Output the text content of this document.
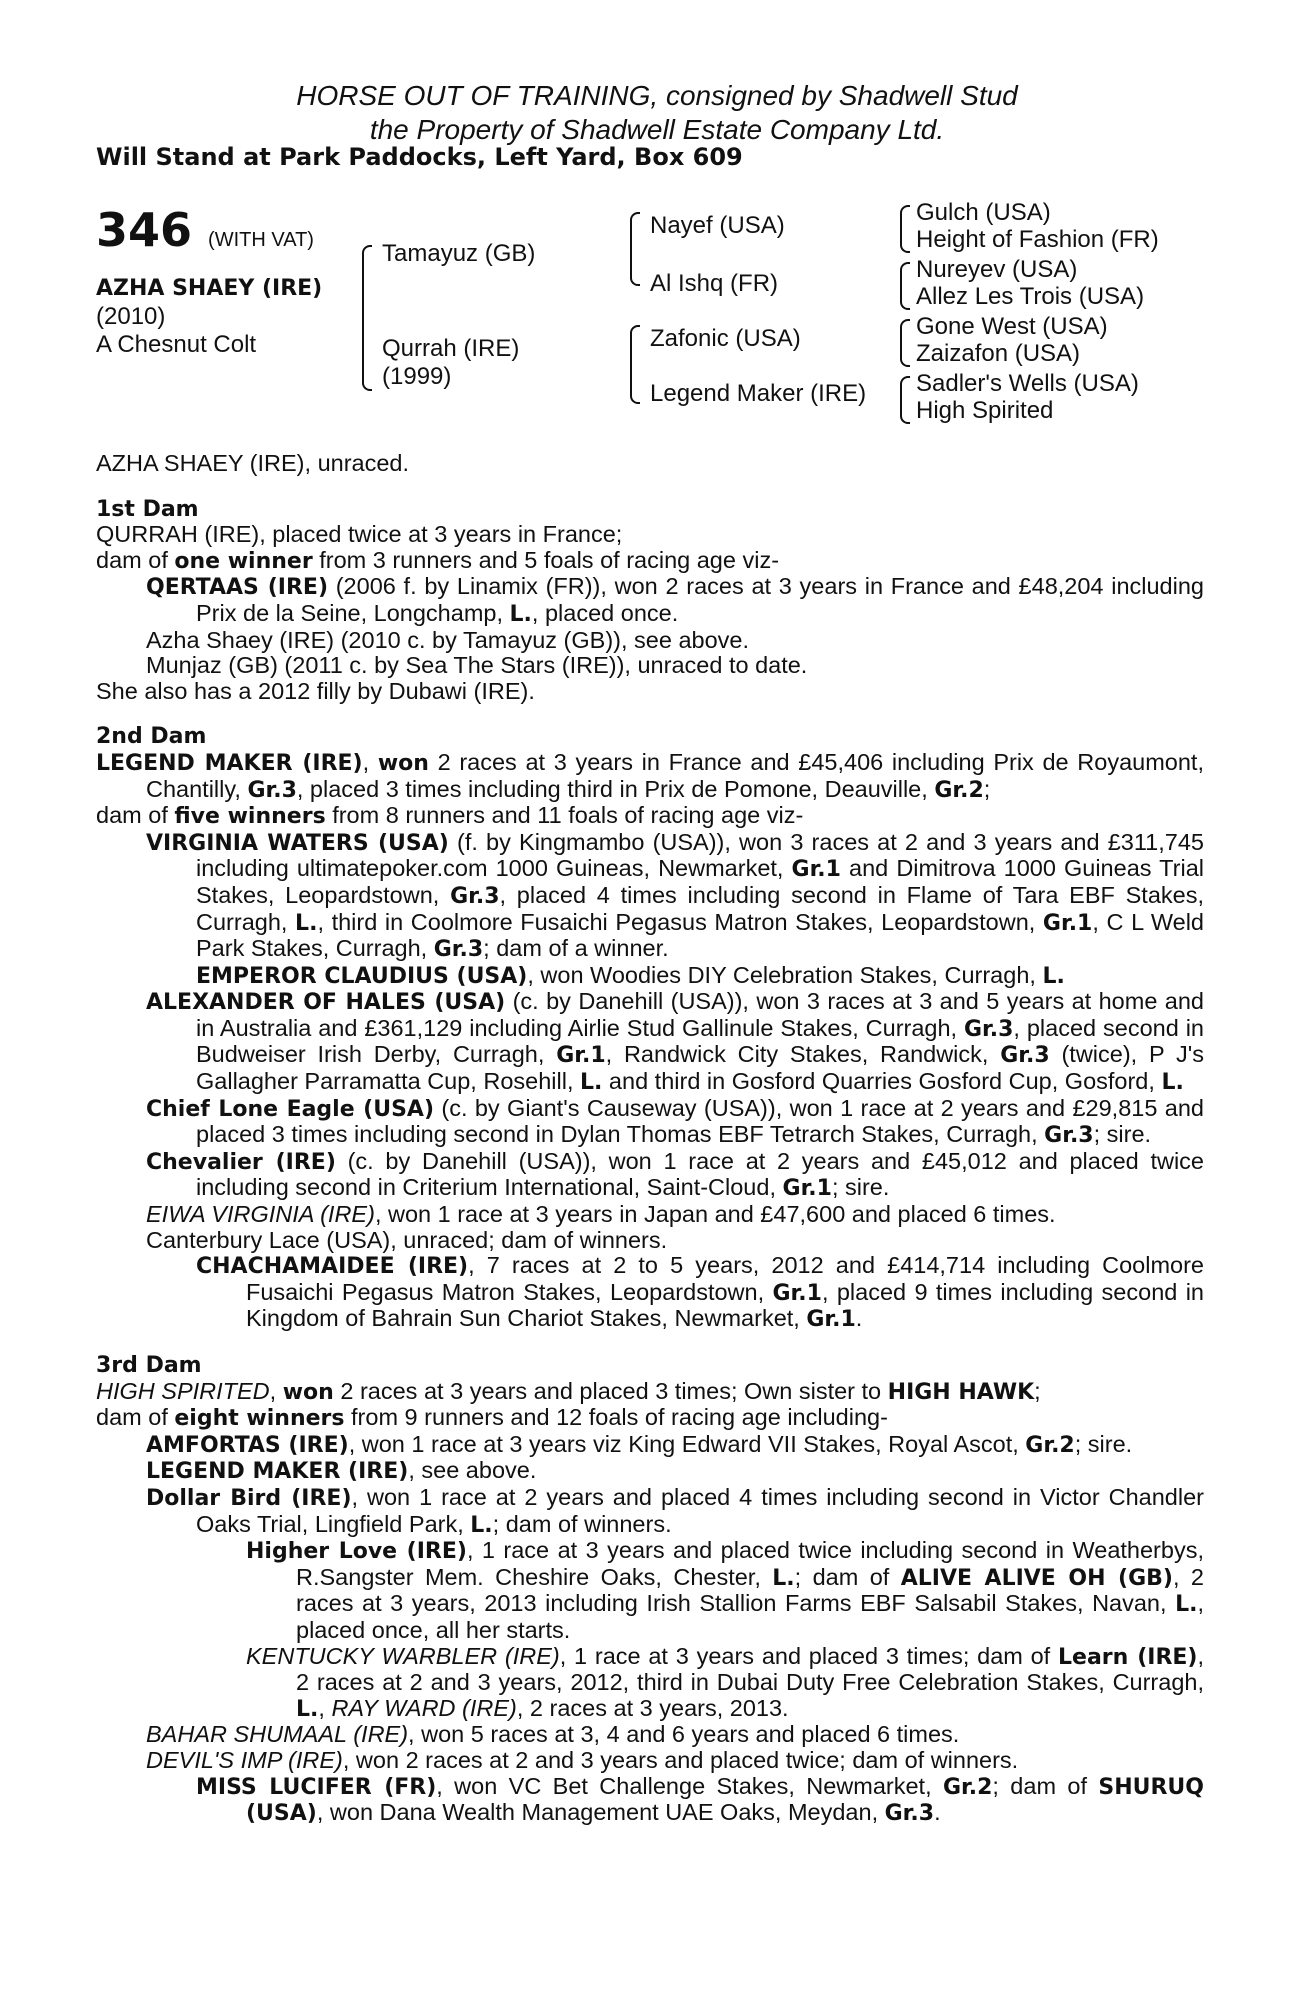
HORSE OUT OF TRAINING, consigned by Shadwell Stud
the Property of Shadwell Estate Company Ltd.
Will Stand at Park Paddocks, Left Yard, Box 609
346 (WITH VAT)
AZHA SHAEY (IRE)
(2010)
A Chesnut Colt
Tamayuz (GB)
Qurrah (IRE)
(1999)
Nayef (USA)
Al Ishq (FR)
Zafonic (USA)
Legend Maker (IRE)
Gulch (USA)
Height of Fashion (FR)
Nureyev (USA)
Allez Les Trois (USA)
Gone West (USA)
Zaizafon (USA)
Sadler's Wells (USA)
High Spirited

AZHA SHAEY (IRE), unraced.

1st Dam

QURRAH (IRE), placed twice at 3 years in France;

dam of one winner from 3 runners and 5 foals of racing age viz-

QERTAAS (IRE) (2006 f. by Linamix (FR)), won 2 races at 3 years in France and £48,204 including Prix de la Seine, Longchamp, L., placed once.

Azha Shaey (IRE) (2010 c. by Tamayuz (GB)), see above.

Munjaz (GB) (2011 c. by Sea The Stars (IRE)), unraced to date.

She also has a 2012 filly by Dubawi (IRE).

2nd Dam

LEGEND MAKER (IRE), won 2 races at 3 years in France and £45,406 including Prix de Royaumont, Chantilly, Gr.3, placed 3 times including third in Prix de Pomone, Deauville, Gr.2;

dam of five winners from 8 runners and 11 foals of racing age viz-

VIRGINIA WATERS (USA) (f. by Kingmambo (USA)), won 3 races at 2 and 3 years and £311,745 including ultimatepoker.com 1000 Guineas, Newmarket, Gr.1 and Dimitrova 1000 Guineas Trial Stakes, Leopardstown, Gr.3, placed 4 times including second in Flame of Tara EBF Stakes, Curragh, L., third in Coolmore Fusaichi Pegasus Matron Stakes, Leopardstown, Gr.1, C L Weld Park Stakes, Curragh, Gr.3; dam of a winner.

EMPEROR CLAUDIUS (USA), won Woodies DIY Celebration Stakes, Curragh, L.

ALEXANDER OF HALES (USA) (c. by Danehill (USA)), won 3 races at 3 and 5 years at home and in Australia and £361,129 including Airlie Stud Gallinule Stakes, Curragh, Gr.3, placed second in Budweiser Irish Derby, Curragh, Gr.1, Randwick City Stakes, Randwick, Gr.3 (twice), P J's Gallagher Parramatta Cup, Rosehill, L. and third in Gosford Quarries Gosford Cup, Gosford, L.

Chief Lone Eagle (USA) (c. by Giant's Causeway (USA)), won 1 race at 2 years and £29,815 and placed 3 times including second in Dylan Thomas EBF Tetrarch Stakes, Curragh, Gr.3; sire.

Chevalier (IRE) (c. by Danehill (USA)), won 1 race at 2 years and £45,012 and placed twice including second in Criterium International, Saint-Cloud, Gr.1; sire.

EIWA VIRGINIA (IRE), won 1 race at 3 years in Japan and £47,600 and placed 6 times.

Canterbury Lace (USA), unraced; dam of winners.

CHACHAMAIDEE (IRE), 7 races at 2 to 5 years, 2012 and £414,714 including Coolmore Fusaichi Pegasus Matron Stakes, Leopardstown, Gr.1, placed 9 times including second in Kingdom of Bahrain Sun Chariot Stakes, Newmarket, Gr.1.

3rd Dam

HIGH SPIRITED, won 2 races at 3 years and placed 3 times; Own sister to HIGH HAWK;

dam of eight winners from 9 runners and 12 foals of racing age including-

AMFORTAS (IRE), won 1 race at 3 years viz King Edward VII Stakes, Royal Ascot, Gr.2; sire.

LEGEND MAKER (IRE), see above.

Dollar Bird (IRE), won 1 race at 2 years and placed 4 times including second in Victor Chandler Oaks Trial, Lingfield Park, L.; dam of winners.

Higher Love (IRE), 1 race at 3 years and placed twice including second in Weatherbys, R.Sangster Mem. Cheshire Oaks, Chester, L.; dam of ALIVE ALIVE OH (GB), 2 races at 3 years, 2013 including Irish Stallion Farms EBF Salsabil Stakes, Navan, L., placed once, all her starts.

KENTUCKY WARBLER (IRE), 1 race at 3 years and placed 3 times; dam of Learn (IRE), 2 races at 2 and 3 years, 2012, third in Dubai Duty Free Celebration Stakes, Curragh, L., RAY WARD (IRE), 2 races at 3 years, 2013.

BAHAR SHUMAAL (IRE), won 5 races at 3, 4 and 6 years and placed 6 times.

DEVIL'S IMP (IRE), won 2 races at 2 and 3 years and placed twice; dam of winners.

MISS LUCIFER (FR), won VC Bet Challenge Stakes, Newmarket, Gr.2; dam of SHURUQ (USA), won Dana Wealth Management UAE Oaks, Meydan, Gr.3.
